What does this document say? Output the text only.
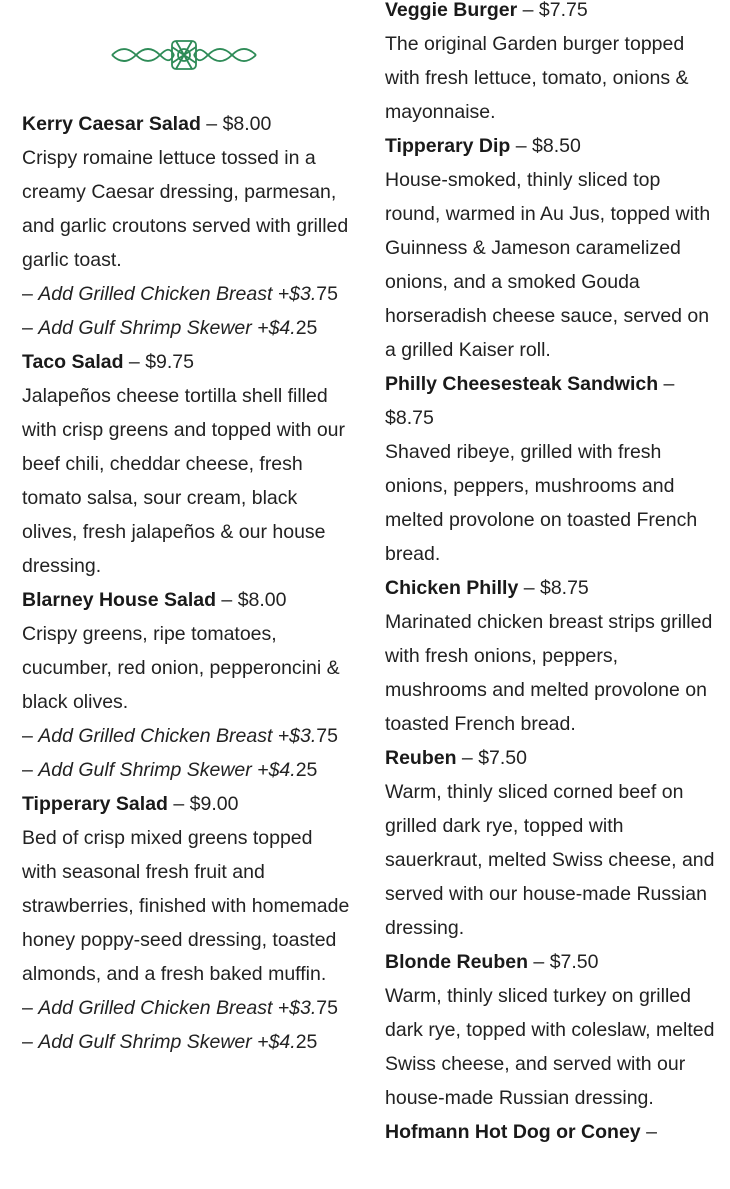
Kerry Caesar Salad – $8.00

Crispy romaine lettuce tossed in a creamy Caesar dressing, parmesan, and garlic croutons served with grilled garlic toast.

– Add Grilled Chicken Breast +$3.75

– Add Gulf Shrimp Skewer +$4.25

Taco Salad – $9.75

Jalapeños cheese tortilla shell filled with crisp greens and topped with our beef chili, cheddar cheese, fresh tomato salsa, sour cream, black olives, fresh jalapeños & our house dressing.

Blarney House Salad – $8.00

Crispy greens, ripe tomatoes, cucumber, red onion, pepperoncini & black olives.

– Add Grilled Chicken Breast +$3.75

– Add Gulf Shrimp Skewer +$4.25

Tipperary Salad – $9.00

Bed of crisp mixed greens topped with seasonal fresh fruit and strawberries, finished with homemade honey poppy-seed dressing, toasted almonds, and a fresh baked muffin.

– Add Grilled Chicken Breast +$3.75

– Add Gulf Shrimp Skewer +$4.25

Veggie Burger – $7.75

The original Garden burger topped with fresh lettuce, tomato, onions & mayonnaise.

Tipperary Dip – $8.50

House-smoked, thinly sliced top round, warmed in Au Jus, topped with Guinness & Jameson caramelized onions, and a smoked Gouda horseradish cheese sauce, served on a grilled Kaiser roll.

Philly Cheesesteak Sandwich – $8.75

Shaved ribeye, grilled with fresh onions, peppers, mushrooms and melted provolone on toasted French bread.

Chicken Philly – $8.75

Marinated chicken breast strips grilled with fresh onions, peppers, mushrooms and melted provolone on toasted French bread.

Reuben – $7.50

Warm, thinly sliced corned beef on grilled dark rye, topped with sauerkraut, melted Swiss cheese, and served with our house-made Russian dressing.

Blonde Reuben – $7.50

Warm, thinly sliced turkey on grilled dark rye, topped with coleslaw, melted Swiss cheese, and served with our house-made Russian dressing.

Hofmann Hot Dog or Coney –
